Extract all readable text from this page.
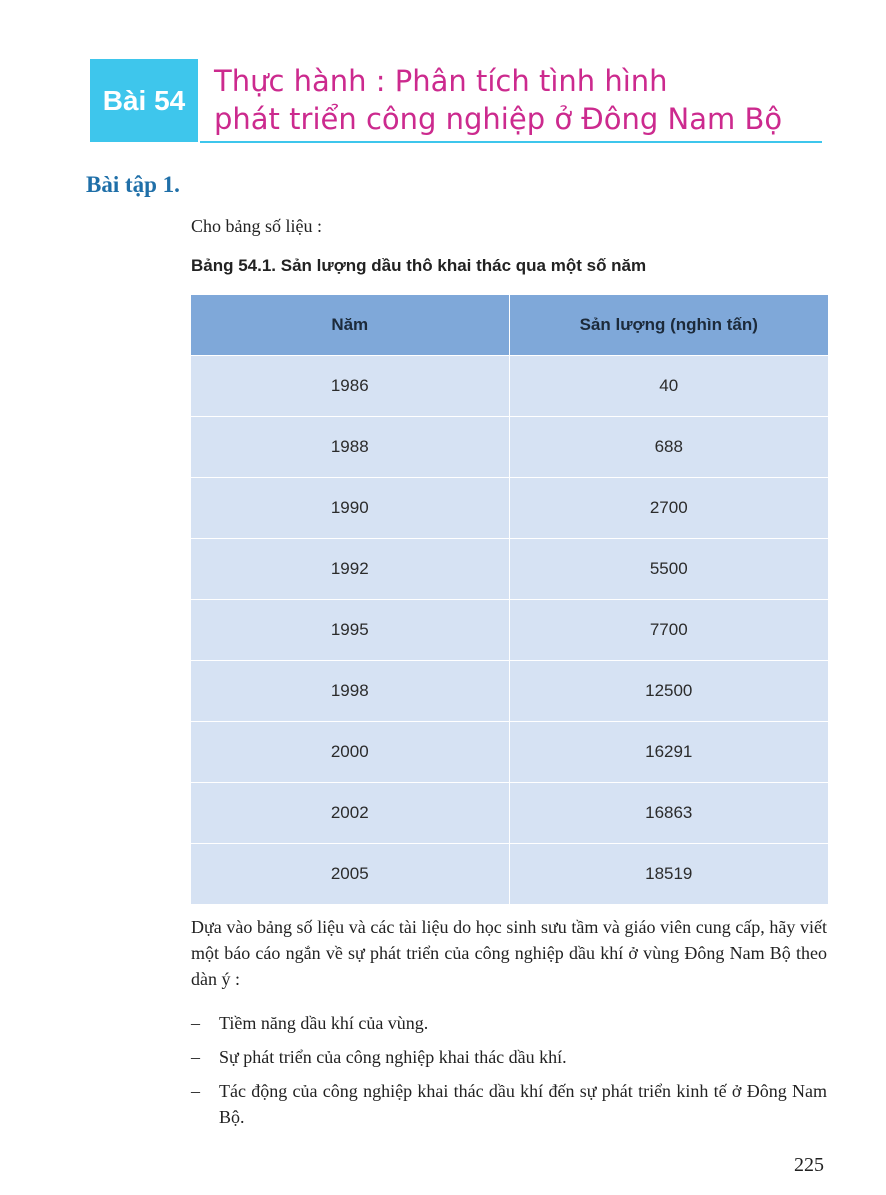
Bài 54
Thực hành : Phân tích tình hình
phát triển công nghiệp ở Đông Nam Bộ
Bài tập 1.
Cho bảng số liệu :
Bảng 54.1. Sản lượng dầu thô khai thác qua một số năm
Năm	Sản lượng (nghìn tấn)
1986	40
1988	688
1990	2700
1992	5500
1995	7700
1998	12500
2000	16291
2002	16863
2005	18519
Dựa vào bảng số liệu và các tài liệu do học sinh sưu tầm và giáo viên cung cấp, hãy viết một báo cáo ngắn về sự phát triển của công nghiệp dầu khí ở vùng Đông Nam Bộ theo dàn ý :
– Tiềm năng dầu khí của vùng.
– Sự phát triển của công nghiệp khai thác dầu khí.
– Tác động của công nghiệp khai thác dầu khí đến sự phát triển kinh tế ở Đông Nam Bộ.
225
